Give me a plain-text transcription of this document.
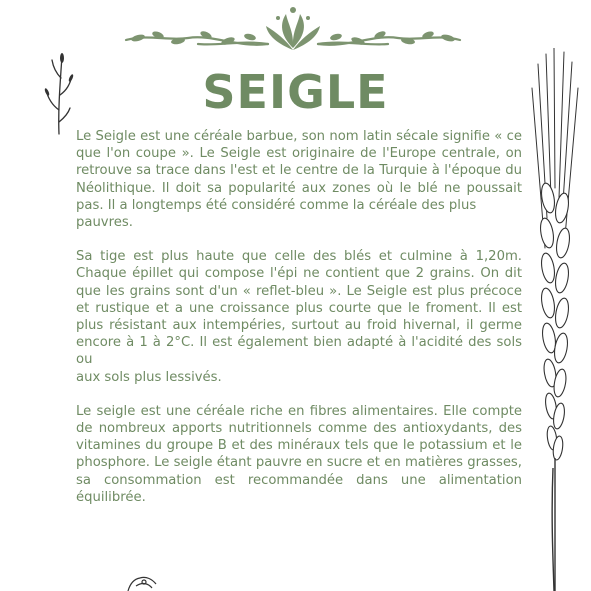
SEIGLE

Le Seigle est une céréale barbue, son nom latin sécale signifie « ce que l'on coupe ». Le Seigle est originaire de l'Europe centrale, on retrouve sa trace dans l'est et le centre de la Turquie à l'époque du Néolithique. Il doit sa popularité aux zones où le blé ne poussait pas. Il a longtemps été considéré comme la céréale des plus
pauvres.

Sa tige est plus haute que celle des blés et culmine à 1,20m. Chaque épillet qui compose l'épi ne contient que 2 grains. On dit que les grains sont d'un « reflet-bleu ». Le Seigle est plus précoce et rustique et a une croissance plus courte que le froment. Il est plus résistant aux intempéries, surtout au froid hivernal, il germe encore à 1 à 2°C. Il est également bien adapté à l'acidité des sols ou
aux sols plus lessivés.

Le seigle est une céréale riche en fibres alimentaires. Elle compte de nombreux apports nutritionnels comme des antioxydants, des vitamines du groupe B et des minéraux tels que le potassium et le phosphore. Le seigle étant pauvre en sucre et en matières grasses, sa consommation est recommandée dans une alimentation équilibrée.
